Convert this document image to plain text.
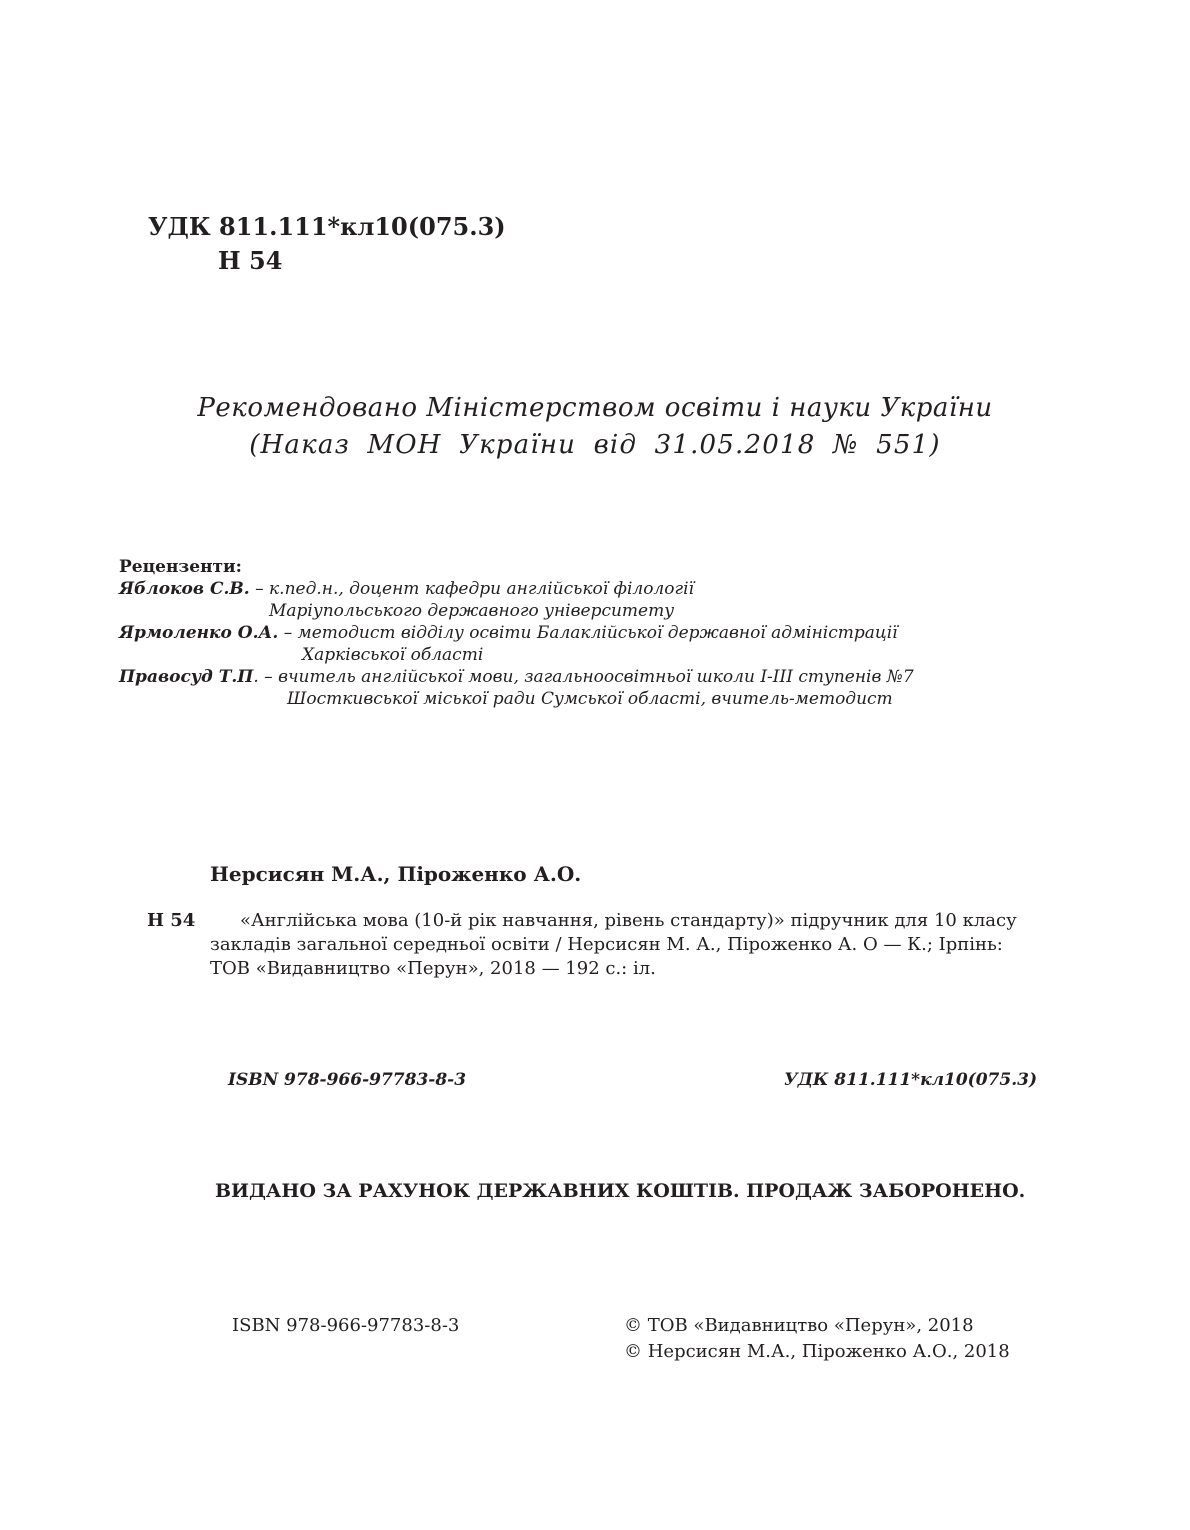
УДК 811.111*кл10(075.3)
Н 54
Рекомендовано Міністерством освіти і науки України
(Наказ МОН України від 31.05.2018 № 551)
Рецензенти:
Яблоков С.В. – к.пед.н., доцент кафедри англійської філології
Маріупольського державного університету
Ярмоленко О.А. – методист відділу освіти Балаклійської державної адміністрації
Харківської області
Правосуд Т.П. – вчитель англійської мови, загальноосвітньої школи І-ІІІ ступенів №7
Шосткивської міської ради Сумської області, вчитель-методист
Нерсисян М.А., Піроженко А.О.
Н 54	«Англійська мова (10-й рік навчання, рівень стандарту)» підручник для 10 класу
закладів загальної середньої освіти / Нерсисян М. А., Піроженко А. О — К.; Ірпінь:
ТОВ «Видавництво «Перун», 2018 — 192 с.: іл.
ISBN 978-966-97783-8-3	УДК 811.111*кл10(075.3)
ВИДАНО ЗА РАХУНОК ДЕРЖАВНИХ КОШТІВ. ПРОДАЖ ЗАБОРОНЕНО.
ISBN 978-966-97783-8-3	© ТОВ «Видавництво «Перун», 2018
© Нерсисян М.А., Піроженко А.О., 2018
